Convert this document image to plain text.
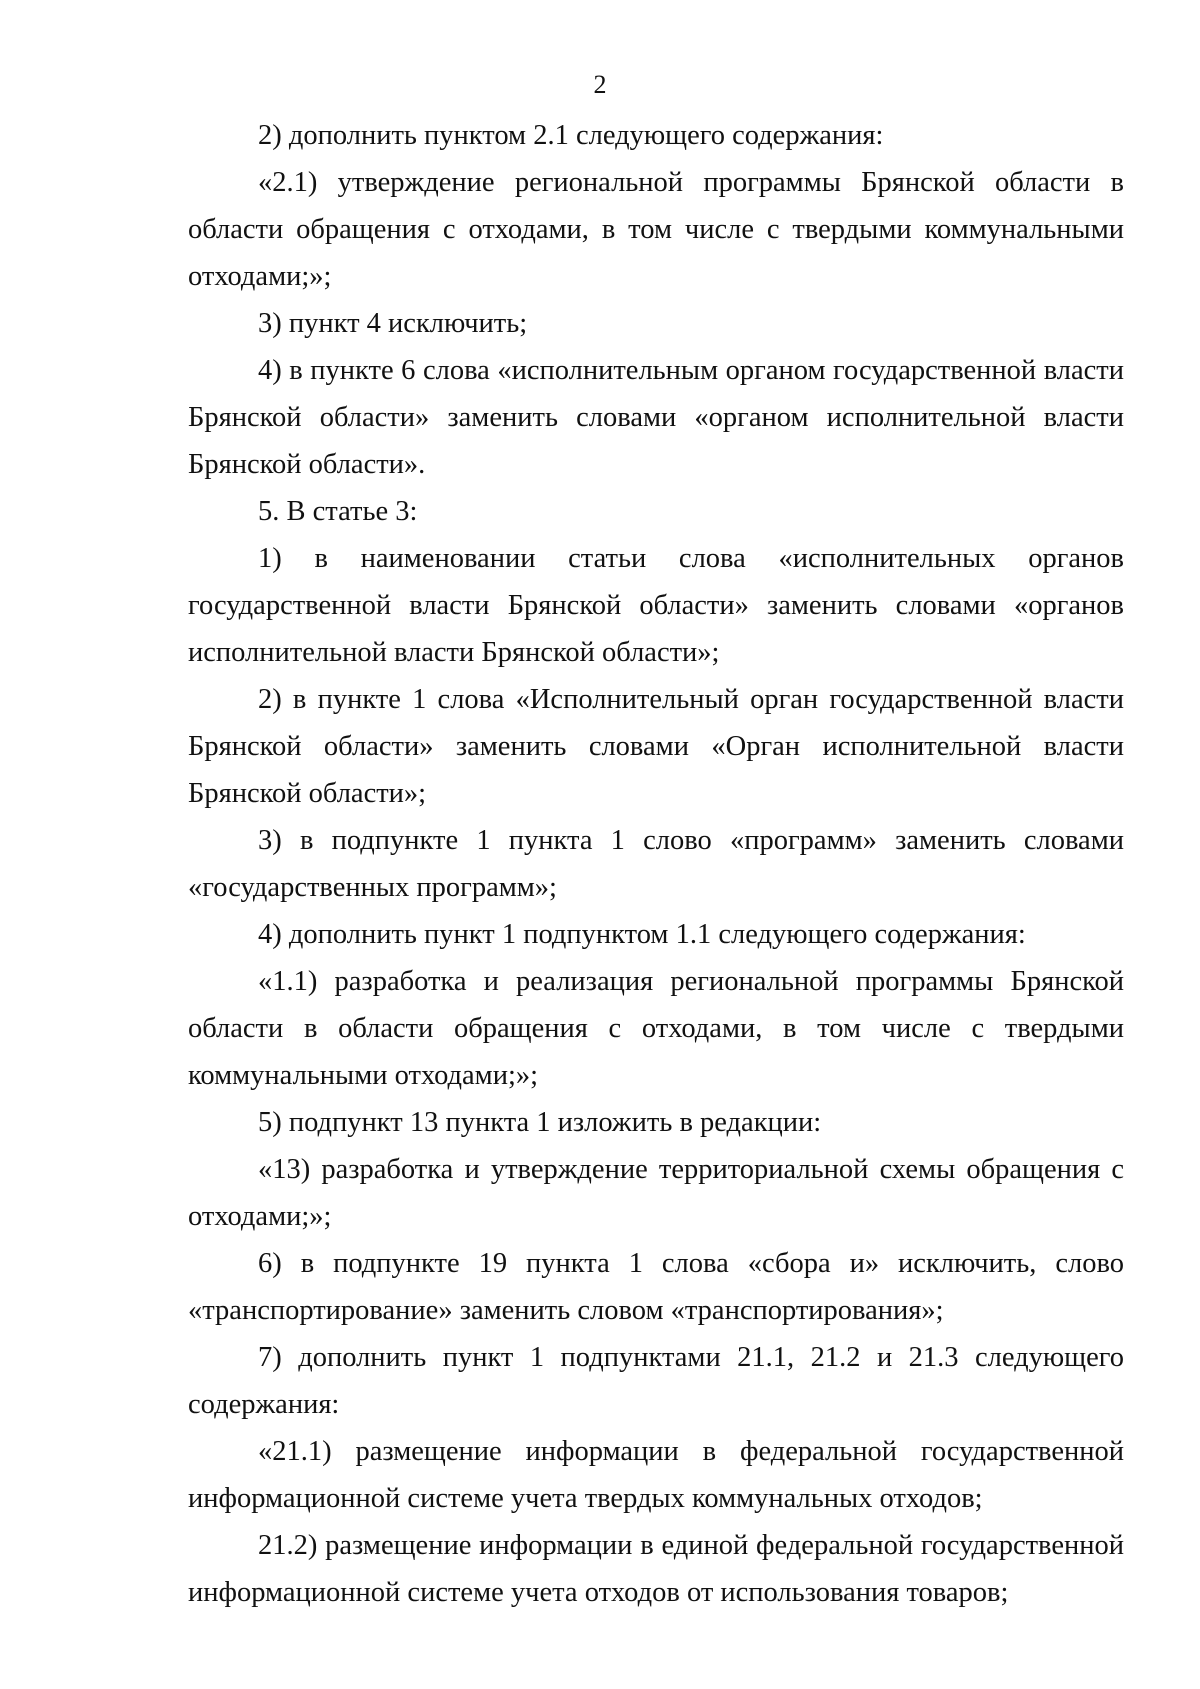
2

2) дополнить пунктом 2.1 следующего содержания:

«2.1) утверждение региональной программы Брянской области в области обращения с отходами, в том числе с твердыми коммунальными отходами;»;

3) пункт 4 исключить;

4) в пункте 6 слова «исполнительным органом государственной власти Брянской области» заменить словами «органом исполнительной власти Брянской области».

5. В статье 3:

1) в наименовании статьи слова «исполнительных органов государственной власти Брянской области» заменить словами «органов исполнительной власти Брянской области»;

2) в пункте 1 слова «Исполнительный орган государственной власти Брянской области» заменить словами «Орган исполнительной власти Брянской области»;

3) в подпункте 1 пункта 1 слово «программ» заменить словами «государственных программ»;

4) дополнить пункт 1 подпунктом 1.1 следующего содержания:

«1.1) разработка и реализация региональной программы Брянской области в области обращения с отходами, в том числе с твердыми коммунальными отходами;»;

5) подпункт 13 пункта 1 изложить в редакции:

«13) разработка и утверждение территориальной схемы обращения с отходами;»;

6) в подпункте 19 пункта 1 слова «сбора и» исключить, слово «транспортирование» заменить словом «транспортирования»;

7) дополнить пункт 1 подпунктами 21.1, 21.2 и 21.3 следующего содержания:

«21.1) размещение информации в федеральной государственной информационной системе учета твердых коммунальных отходов;

21.2) размещение информации в единой федеральной государственной информационной системе учета отходов от использования товаров;
